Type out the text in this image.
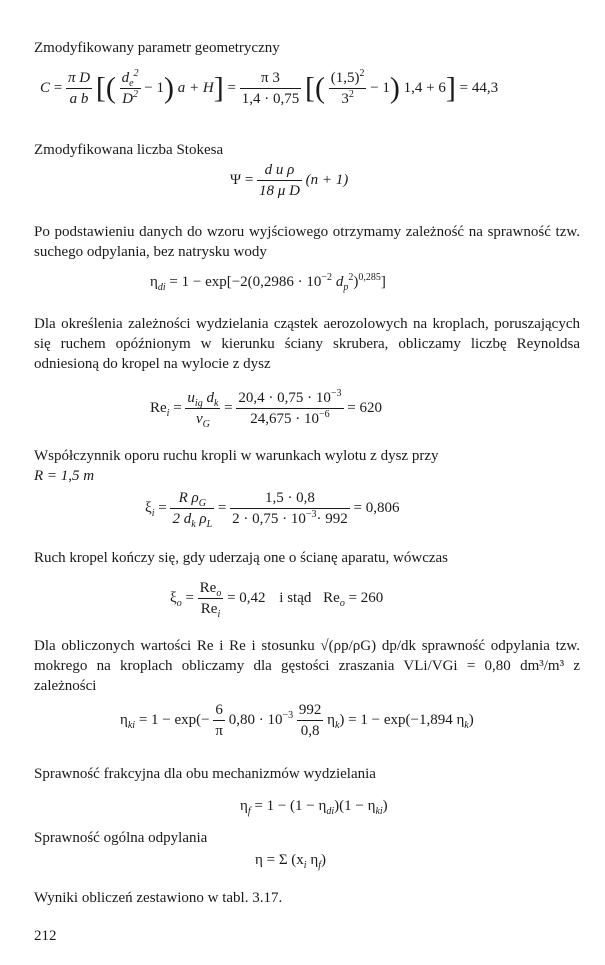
Zmodyfikowany parametr geometryczny

$C = \frac{\text{π D}}{\text{a b}}$ [( $\frac{d_e^2}{D^2} - 1$) $a + H] = \frac{\pi 3}{1,4 \cdot 0,75}$ [( $\frac{(1,5)^2}{3^2} - 1$) 1,4 + 6] = 44,3

Zmodyfikowana liczba Stokesa

$\Psi = \frac{\text{d u ρ}}{\text{18 μ D}} (n + 1)$

Po podstawieniu danych do wzoru wyjściowego otrzymamy zależność na sprawność tzw. suchego odpylania, bez natrysku wody

$\eta_{di} = 1 - \exp[-2(0,2986 \cdot 10^{-2}$ $d_p^2)^{0,285}$]

Dla określenia zależności wydzielania cząstek aerozolowych na kroplach, poruszających się ruchem opóźnionym w kierunku ściany skrubera, obliczamy liczbę Reynoldsa odniesioną do kropel na wylocie z dysz

$Re_i = \frac{u_{ig} d_k}{\nu_G} = \frac{20,4 \cdot 0,75 \cdot 10^{-3}}{24,675 \cdot 10^{-6}} = 620$

Współczynnik oporu ruchu kropli w warunkach wylotu z dysz przy

R = 1,5 m

$\xi_i = \frac{R \rho_G}{2 d_k \rho_L} = \frac{1,5 \cdot 0,8}{2 \cdot 0,75 \cdot 10^{-3}\cdot 992} = 0,806$

Ruch kropel kończy się, gdy uderzają one o ścianę aparatu, wówczas

$\xi_o = \frac{Re_o}{Re_i} = 0,42$ i stąd $Re_o = 260$

Dla obliczonych wartości Re i Re i stosunku √(ρp/ρG) dp/dk sprawność odpylania tzw. mokrego na kroplach obliczamy dla gęstości zraszania VLi/VGi = 0,80 dm³/m³ z zależności

$\eta_{ki} = 1 - \exp(- \frac{6}{\pi} 0,80 \cdot 10^{-3} \frac{992}{0,8} \eta_k) = 1 - \exp(-1,894$ $\eta_k$)

Sprawność frakcyjna dla obu mechanizmów wydzielania

$\eta_f = 1 - (1 - \eta_{di})(1 - \eta_{ki})$

Sprawność ogólna odpylania

η = Σ ($x_i$ $\eta_f$)

Wyniki obliczeń zestawiono w tabl. 3.17.

212
